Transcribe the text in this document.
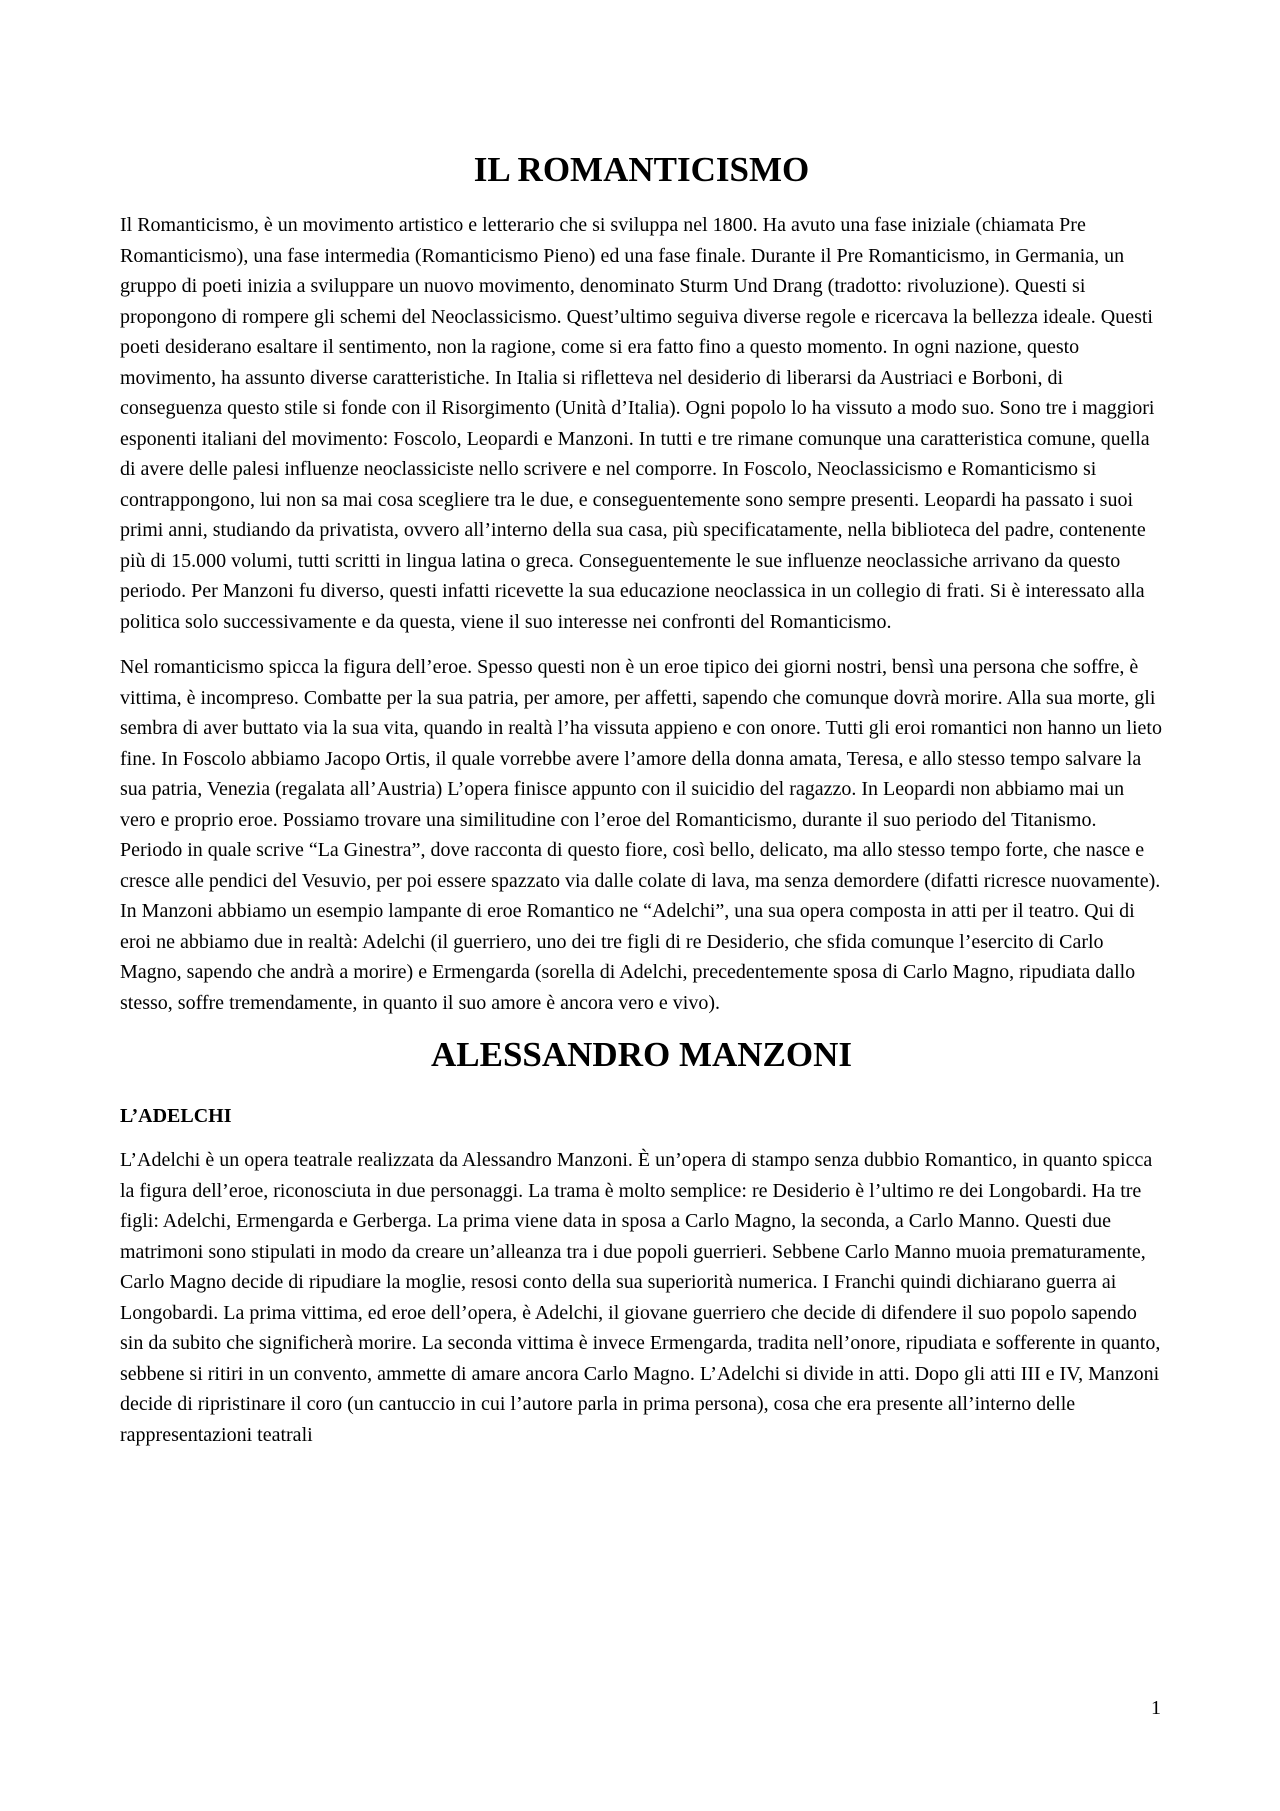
IL ROMANTICISMO

Il Romanticismo, è un movimento artistico e letterario che si sviluppa nel 1800. Ha avuto una fase iniziale (chiamata Pre Romanticismo), una fase intermedia (Romanticismo Pieno) ed una fase finale. Durante il Pre Romanticismo, in Germania, un gruppo di poeti inizia a sviluppare un nuovo movimento, denominato Sturm Und Drang (tradotto: rivoluzione). Questi si propongono di rompere gli schemi del Neoclassicismo. Quest’ultimo seguiva diverse regole e ricercava la bellezza ideale. Questi poeti desiderano esaltare il sentimento, non la ragione, come si era fatto fino a questo momento. In ogni nazione, questo movimento, ha assunto diverse caratteristiche. In Italia si rifletteva nel desiderio di liberarsi da Austriaci e Borboni, di conseguenza questo stile si fonde con il Risorgimento (Unità d’Italia). Ogni popolo lo ha vissuto a modo suo. Sono tre i maggiori esponenti italiani del movimento: Foscolo, Leopardi e Manzoni. In tutti e tre rimane comunque una caratteristica comune, quella di avere delle palesi influenze neoclassiciste nello scrivere e nel comporre. In Foscolo, Neoclassicismo e Romanticismo si contrappongono, lui non sa mai cosa scegliere tra le due, e conseguentemente sono sempre presenti. Leopardi ha passato i suoi primi anni, studiando da privatista, ovvero all’interno della sua casa, più specificatamente, nella biblioteca del padre, contenente più di 15.000 volumi, tutti scritti in lingua latina o greca. Conseguentemente le sue influenze neoclassiche arrivano da questo periodo. Per Manzoni fu diverso, questi infatti ricevette la sua educazione neoclassica in un collegio di frati. Si è interessato alla politica solo successivamente e da questa, viene il suo interesse nei confronti del Romanticismo.

Nel romanticismo spicca la figura dell’eroe. Spesso questi non è un eroe tipico dei giorni nostri, bensì una persona che soffre, è vittima, è incompreso. Combatte per la sua patria, per amore, per affetti, sapendo che comunque dovrà morire. Alla sua morte, gli sembra di aver buttato via la sua vita, quando in realtà l’ha vissuta appieno e con onore. Tutti gli eroi romantici non hanno un lieto fine. In Foscolo abbiamo Jacopo Ortis, il quale vorrebbe avere l’amore della donna amata, Teresa, e allo stesso tempo salvare la sua patria, Venezia (regalata all’Austria) L’opera finisce appunto con il suicidio del ragazzo. In Leopardi non abbiamo mai un vero e proprio eroe. Possiamo trovare una similitudine con l’eroe del Romanticismo, durante il suo periodo del Titanismo. Periodo in quale scrive “La Ginestra”, dove racconta di questo fiore, così bello, delicato, ma allo stesso tempo forte, che nasce e cresce alle pendici del Vesuvio, per poi essere spazzato via dalle colate di lava, ma senza demordere (difatti ricresce nuovamente). In Manzoni abbiamo un esempio lampante di eroe Romantico ne “Adelchi”, una sua opera composta in atti per il teatro. Qui di eroi ne abbiamo due in realtà: Adelchi (il guerriero, uno dei tre figli di re Desiderio, che sfida comunque l’esercito di Carlo Magno, sapendo che andrà a morire) e Ermengarda (sorella di Adelchi, precedentemente sposa di Carlo Magno, ripudiata dallo stesso, soffre tremendamente, in quanto il suo amore è ancora vero e vivo).

ALESSANDRO MANZONI
L’ADELCHI

L’Adelchi è un opera teatrale realizzata da Alessandro Manzoni. È un’opera di stampo senza dubbio Romantico, in quanto spicca la figura dell’eroe, riconosciuta in due personaggi. La trama è molto semplice: re Desiderio è l’ultimo re dei Longobardi. Ha tre figli: Adelchi, Ermengarda e Gerberga. La prima viene data in sposa a Carlo Magno, la seconda, a Carlo Manno. Questi due matrimoni sono stipulati in modo da creare un’alleanza tra i due popoli guerrieri. Sebbene Carlo Manno muoia prematuramente, Carlo Magno decide di ripudiare la moglie, resosi conto della sua superiorità numerica. I Franchi quindi dichiarano guerra ai Longobardi. La prima vittima, ed eroe dell’opera, è Adelchi, il giovane guerriero che decide di difendere il suo popolo sapendo sin da subito che significherà morire. La seconda vittima è invece Ermengarda, tradita nell’onore, ripudiata e sofferente in quanto, sebbene si ritiri in un convento, ammette di amare ancora Carlo Magno. L’Adelchi si divide in atti. Dopo gli atti III e IV, Manzoni decide di ripristinare il coro (un cantuccio in cui l’autore parla in prima persona), cosa che era presente all’interno delle rappresentazioni teatrali

1
